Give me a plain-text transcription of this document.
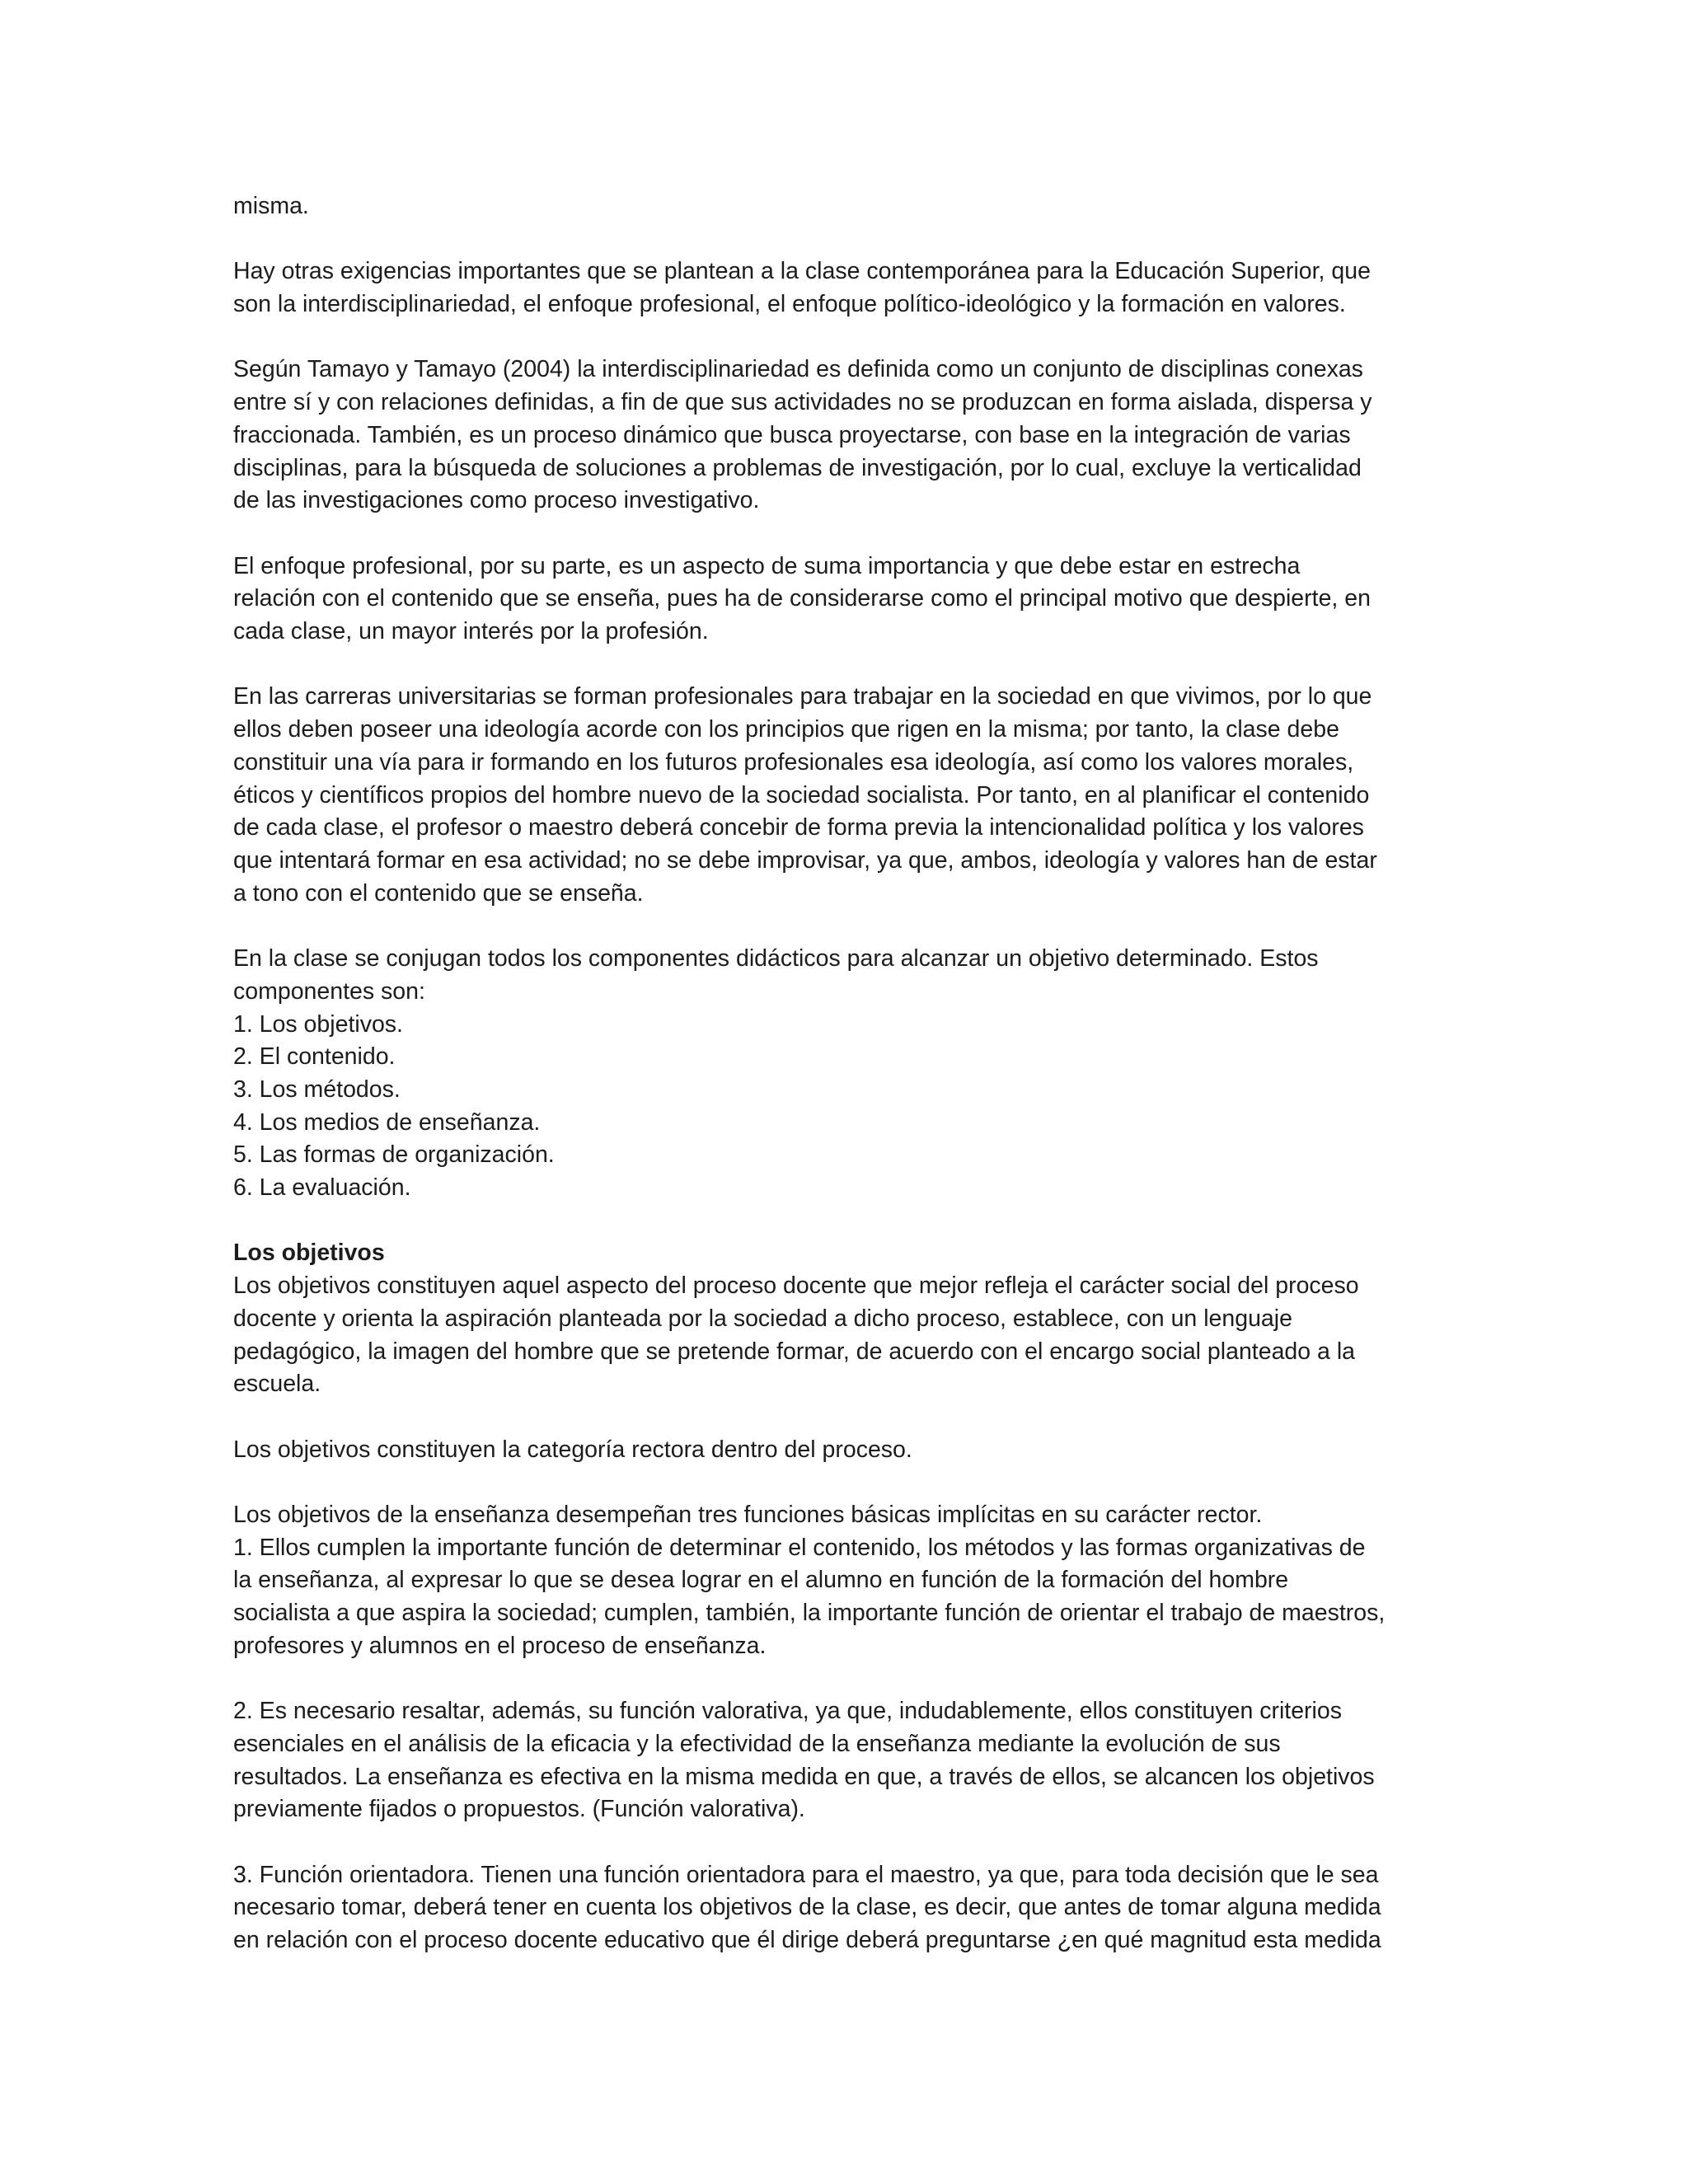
misma.
Hay otras exigencias importantes que se plantean a la clase contemporánea para la Educación Superior, que
son la interdisciplinariedad, el enfoque profesional, el enfoque político-ideológico y la formación en valores.
Según Tamayo y Tamayo (2004) la interdisciplinariedad es definida como un conjunto de disciplinas conexas
entre sí y con relaciones definidas, a fin de que sus actividades no se produzcan en forma aislada, dispersa y
fraccionada. También, es un proceso dinámico que busca proyectarse, con base en la integración de varias
disciplinas, para la búsqueda de soluciones a problemas de investigación, por lo cual, excluye la verticalidad
de las investigaciones como proceso investigativo.
El enfoque profesional, por su parte, es un aspecto de suma importancia y que debe estar en estrecha
relación con el contenido que se enseña, pues ha de considerarse como el principal motivo que despierte, en
cada clase, un mayor interés por la profesión.
En las carreras universitarias se forman profesionales para trabajar en la sociedad en que vivimos, por lo que
ellos deben poseer una ideología acorde con los principios que rigen en la misma; por tanto, la clase debe
constituir una vía para ir formando en los futuros profesionales esa ideología, así como los valores morales,
éticos y científicos propios del hombre nuevo de la sociedad socialista. Por tanto, en al planificar el contenido
de cada clase, el profesor o maestro deberá concebir de forma previa la intencionalidad política y los valores
que intentará formar en esa actividad; no se debe improvisar, ya que, ambos, ideología y valores han de estar
a tono con el contenido que se enseña.
En la clase se conjugan todos los componentes didácticos para alcanzar un objetivo determinado. Estos
componentes son:
1. Los objetivos.
2. El contenido.
3. Los métodos.
4. Los medios de enseñanza.
5. Las formas de organización.
6. La evaluación.
Los objetivos
Los objetivos constituyen aquel aspecto del proceso docente que mejor refleja el carácter social del proceso
docente y orienta la aspiración planteada por la sociedad a dicho proceso, establece, con un lenguaje
pedagógico, la imagen del hombre que se pretende formar, de acuerdo con el encargo social planteado a la
escuela.
Los objetivos constituyen la categoría rectora dentro del proceso.
Los objetivos de la enseñanza desempeñan tres funciones básicas implícitas en su carácter rector.
1. Ellos cumplen la importante función de determinar el contenido, los métodos y las formas organizativas de
la enseñanza, al expresar lo que se desea lograr en el alumno en función de la formación del hombre
socialista a que aspira la sociedad; cumplen, también, la importante función de orientar el trabajo de maestros,
profesores y alumnos en el proceso de enseñanza.
2. Es necesario resaltar, además, su función valorativa, ya que, indudablemente, ellos constituyen criterios
esenciales en el análisis de la eficacia y la efectividad de la enseñanza mediante la evolución de sus
resultados. La enseñanza es efectiva en la misma medida en que, a través de ellos, se alcancen los objetivos
previamente fijados o propuestos. (Función valorativa).
3. Función orientadora. Tienen una función orientadora para el maestro, ya que, para toda decisión que le sea
necesario tomar, deberá tener en cuenta los objetivos de la clase, es decir, que antes de tomar alguna medida
en relación con el proceso docente educativo que él dirige deberá preguntarse ¿en qué magnitud esta medida
